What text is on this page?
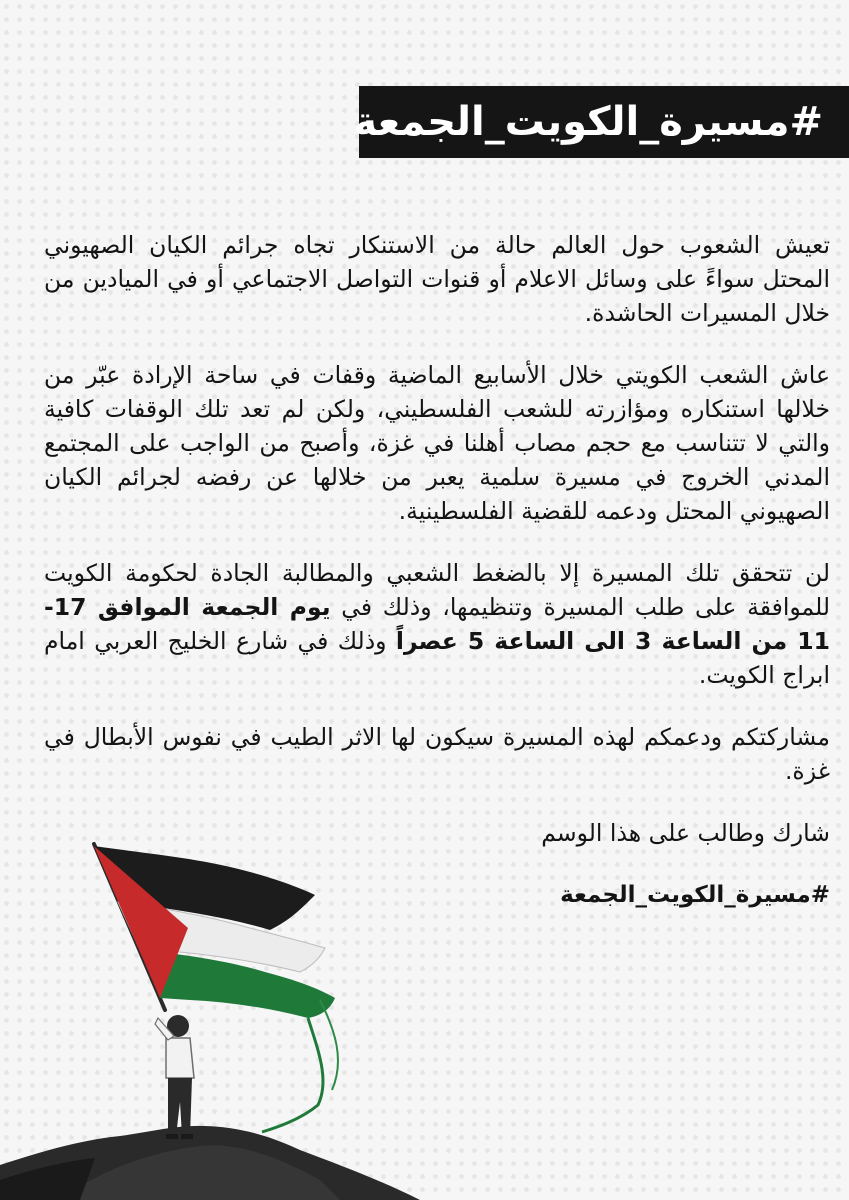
#مسيرة_الكويت_الجمعة

تعيش الشعوب حول العالم حالة من الاستنكار تجاه جرائم الكيان الصهيوني المحتل سواءً على وسائل الاعلام أو قنوات التواصل الاجتماعي أو في الميادين من خلال المسيرات الحاشدة.

عاش الشعب الكويتي خلال الأسابيع الماضية وقفات في ساحة الإرادة عبّر من خلالها استنكاره ومؤازرته للشعب الفلسطيني، ولكن لم تعد تلك الوقفات كافية والتي لا تتناسب مع حجم مصاب أهلنا في غزة، وأصبح من الواجب على المجتمع المدني الخروج في مسيرة سلمية يعبر من خلالها عن رفضه لجرائم الكيان الصهيوني المحتل ودعمه للقضية الفلسطينية.

لن تتحقق تلك المسيرة إلا بالضغط الشعبي والمطالبة الجادة لحكومة الكويت للموافقة على طلب المسيرة وتنظيمها، وذلك في يوم الجمعة الموافق 17-11 من الساعة 3 الى الساعة 5 عصراً وذلك في شارع الخليج العربي امام ابراج الكويت.

مشاركتكم ودعمكم لهذه المسيرة سيكون لها الاثر الطيب في نفوس الأبطال في غزة.

شارك وطالب على هذا الوسم

#مسيرة_الكويت_الجمعة
